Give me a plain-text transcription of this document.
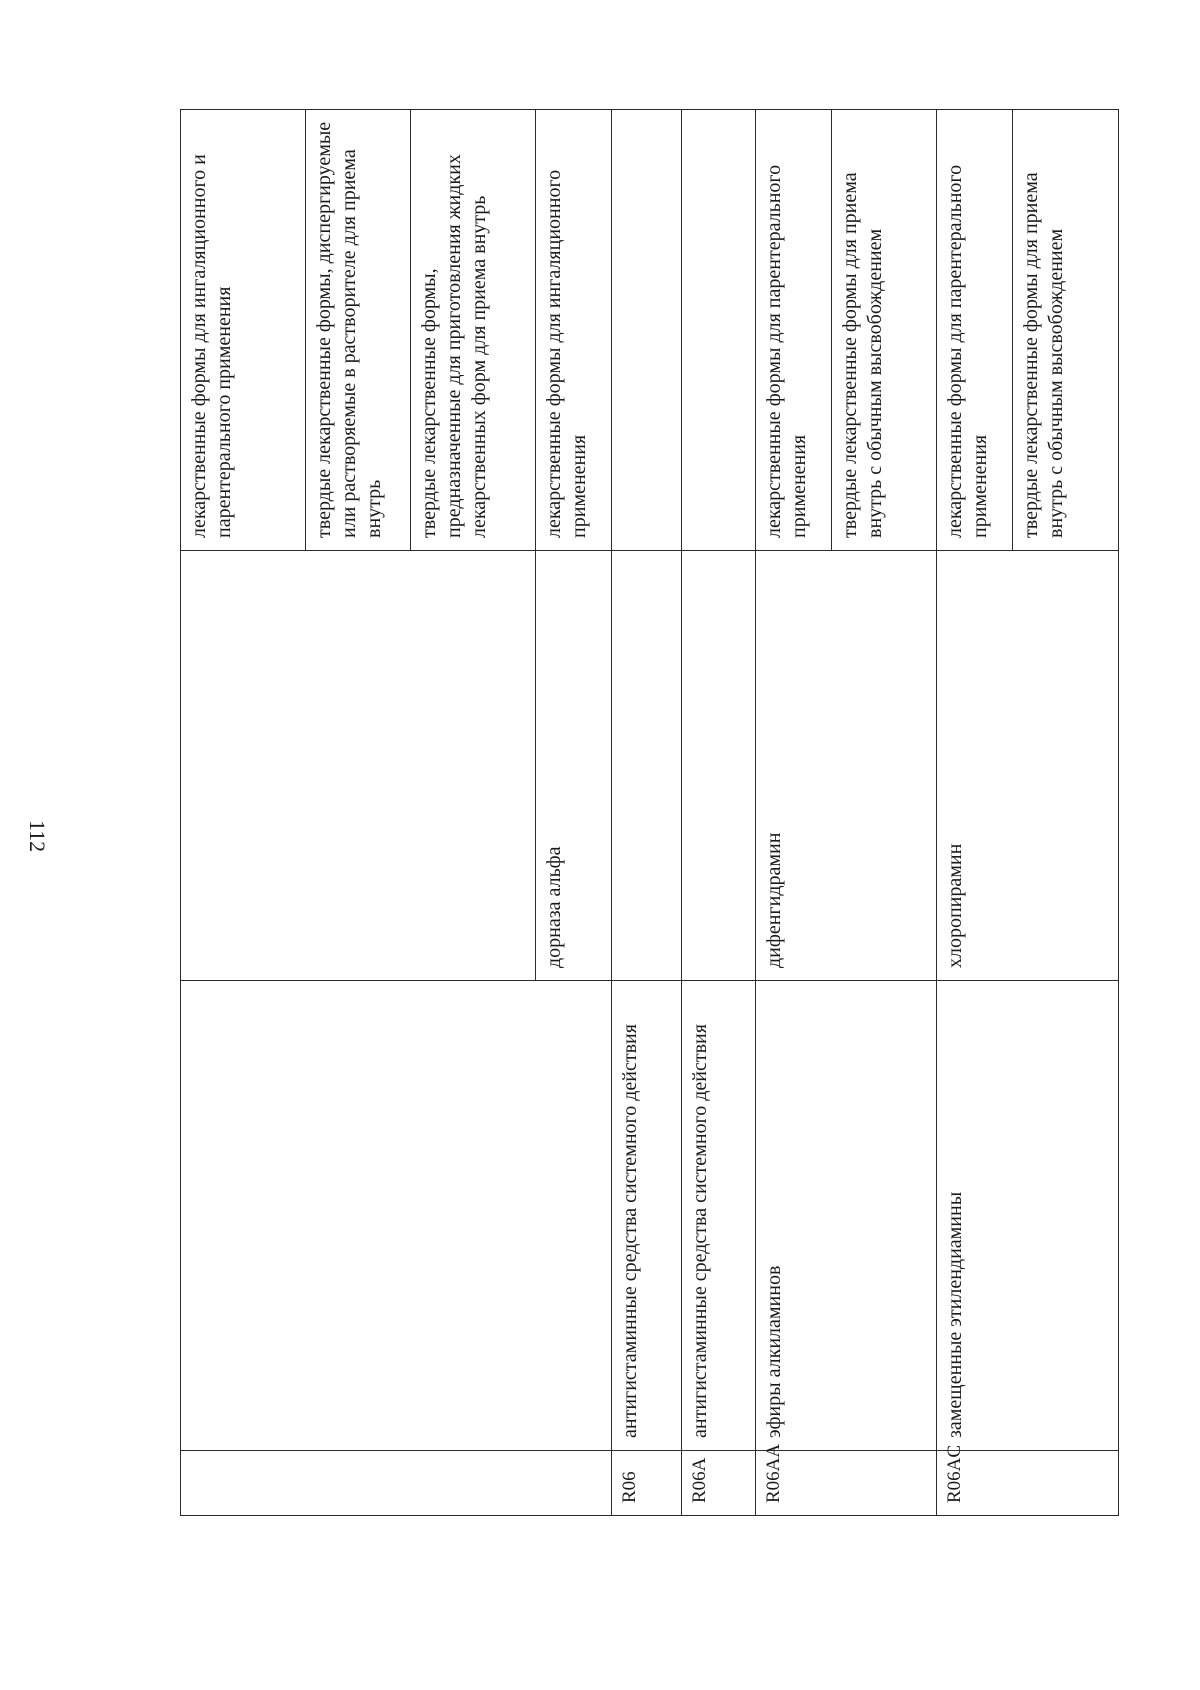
112
			лекарственные формы для ингаляционного и парентерального применения
			твердые лекарственные формы, диспергируемые или растворяемые в растворителе для приема внутрь
			твердые лекарственные формы, предназначенные для приготовления жидких лекарственных форм для приема внутрь
		дорназа альфа	лекарственные формы для ингаляционного применения
R06	антигистаминные средства системного действия		
R06A	антигистаминные средства системного действия		
R06AA	эфиры алкиламинов	дифенгидрамин	лекарственные формы для парентерального применения
			твердые лекарственные формы для приема внутрь с обычным высвобождением
R06AC	замещенные этилендиамины	хлоропирамин	лекарственные формы для парентерального применения
			твердые лекарственные формы для приема внутрь с обычным высвобождением
